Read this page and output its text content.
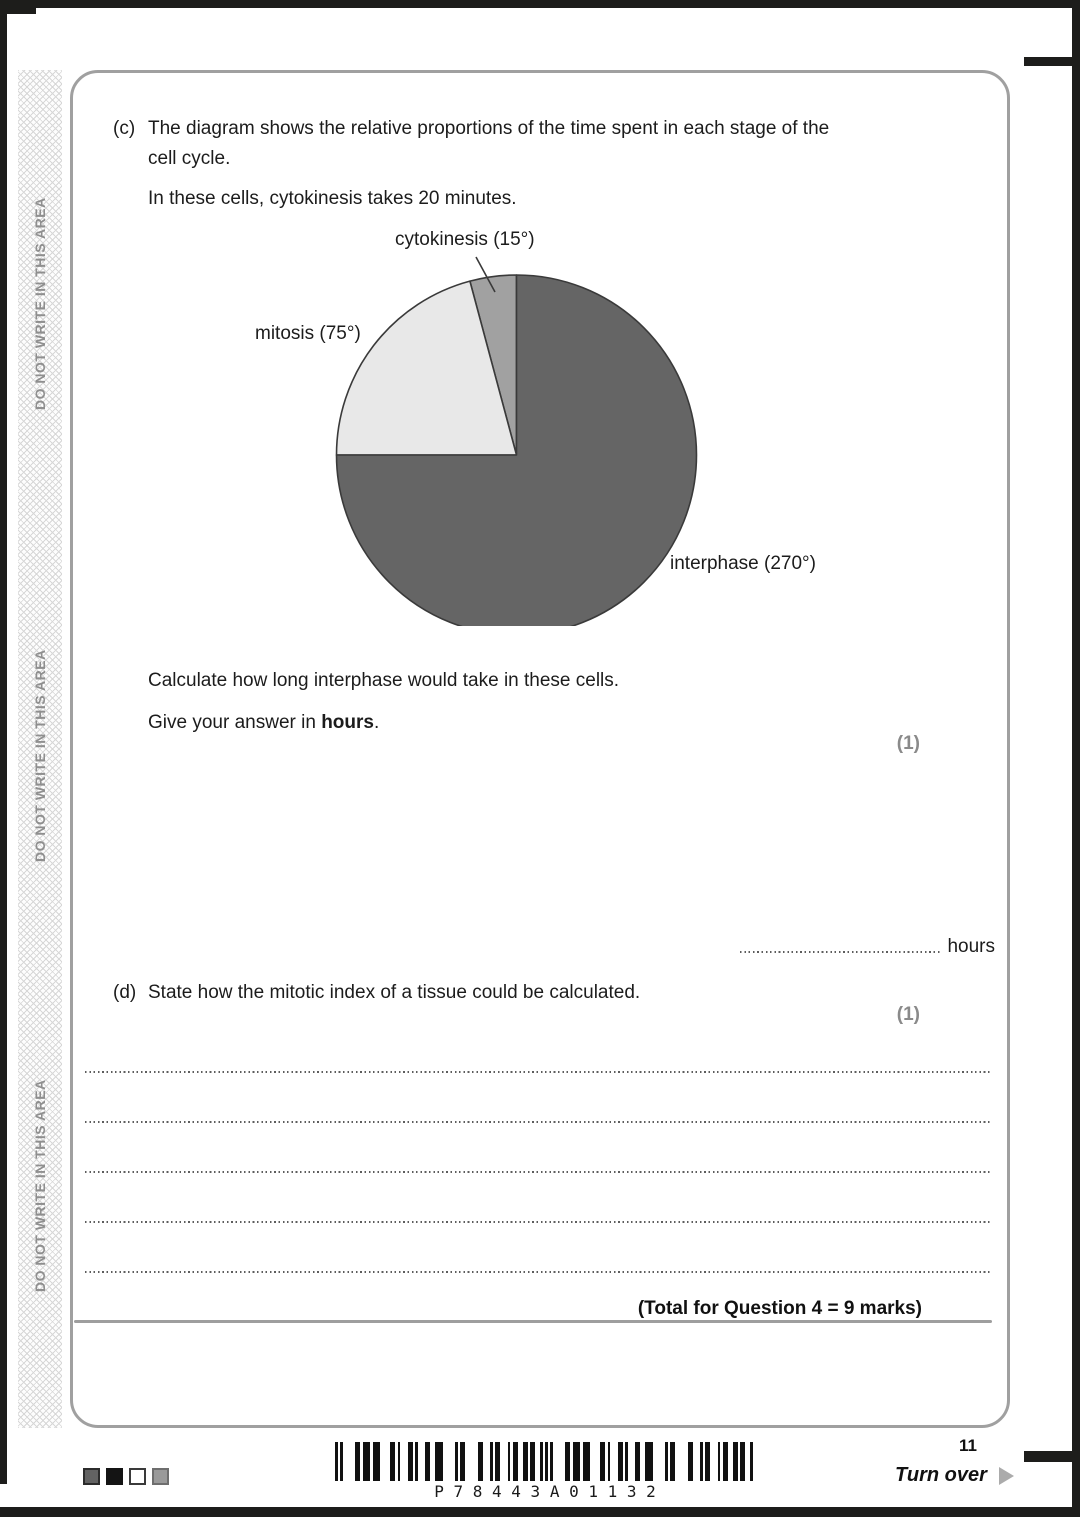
DO NOT WRITE IN THIS AREA
DO NOT WRITE IN THIS AREA
DO NOT WRITE IN THIS AREA
(c) The diagram shows the relative proportions of the time spent in each stage of the
cell cycle.
In these cells, cytokinesis takes 20 minutes.
cytokinesis (15°)
mitosis (75°)
interphase (270°)
Calculate how long interphase would take in these cells.
Give your answer in hours.
(1)
hours
(d) State how the mitotic index of a tissue could be calculated.
(1)
(Total for Question 4 = 9 marks)
P 7 8 4 4 3 A 0 1 1 3 2
11
Turn over
